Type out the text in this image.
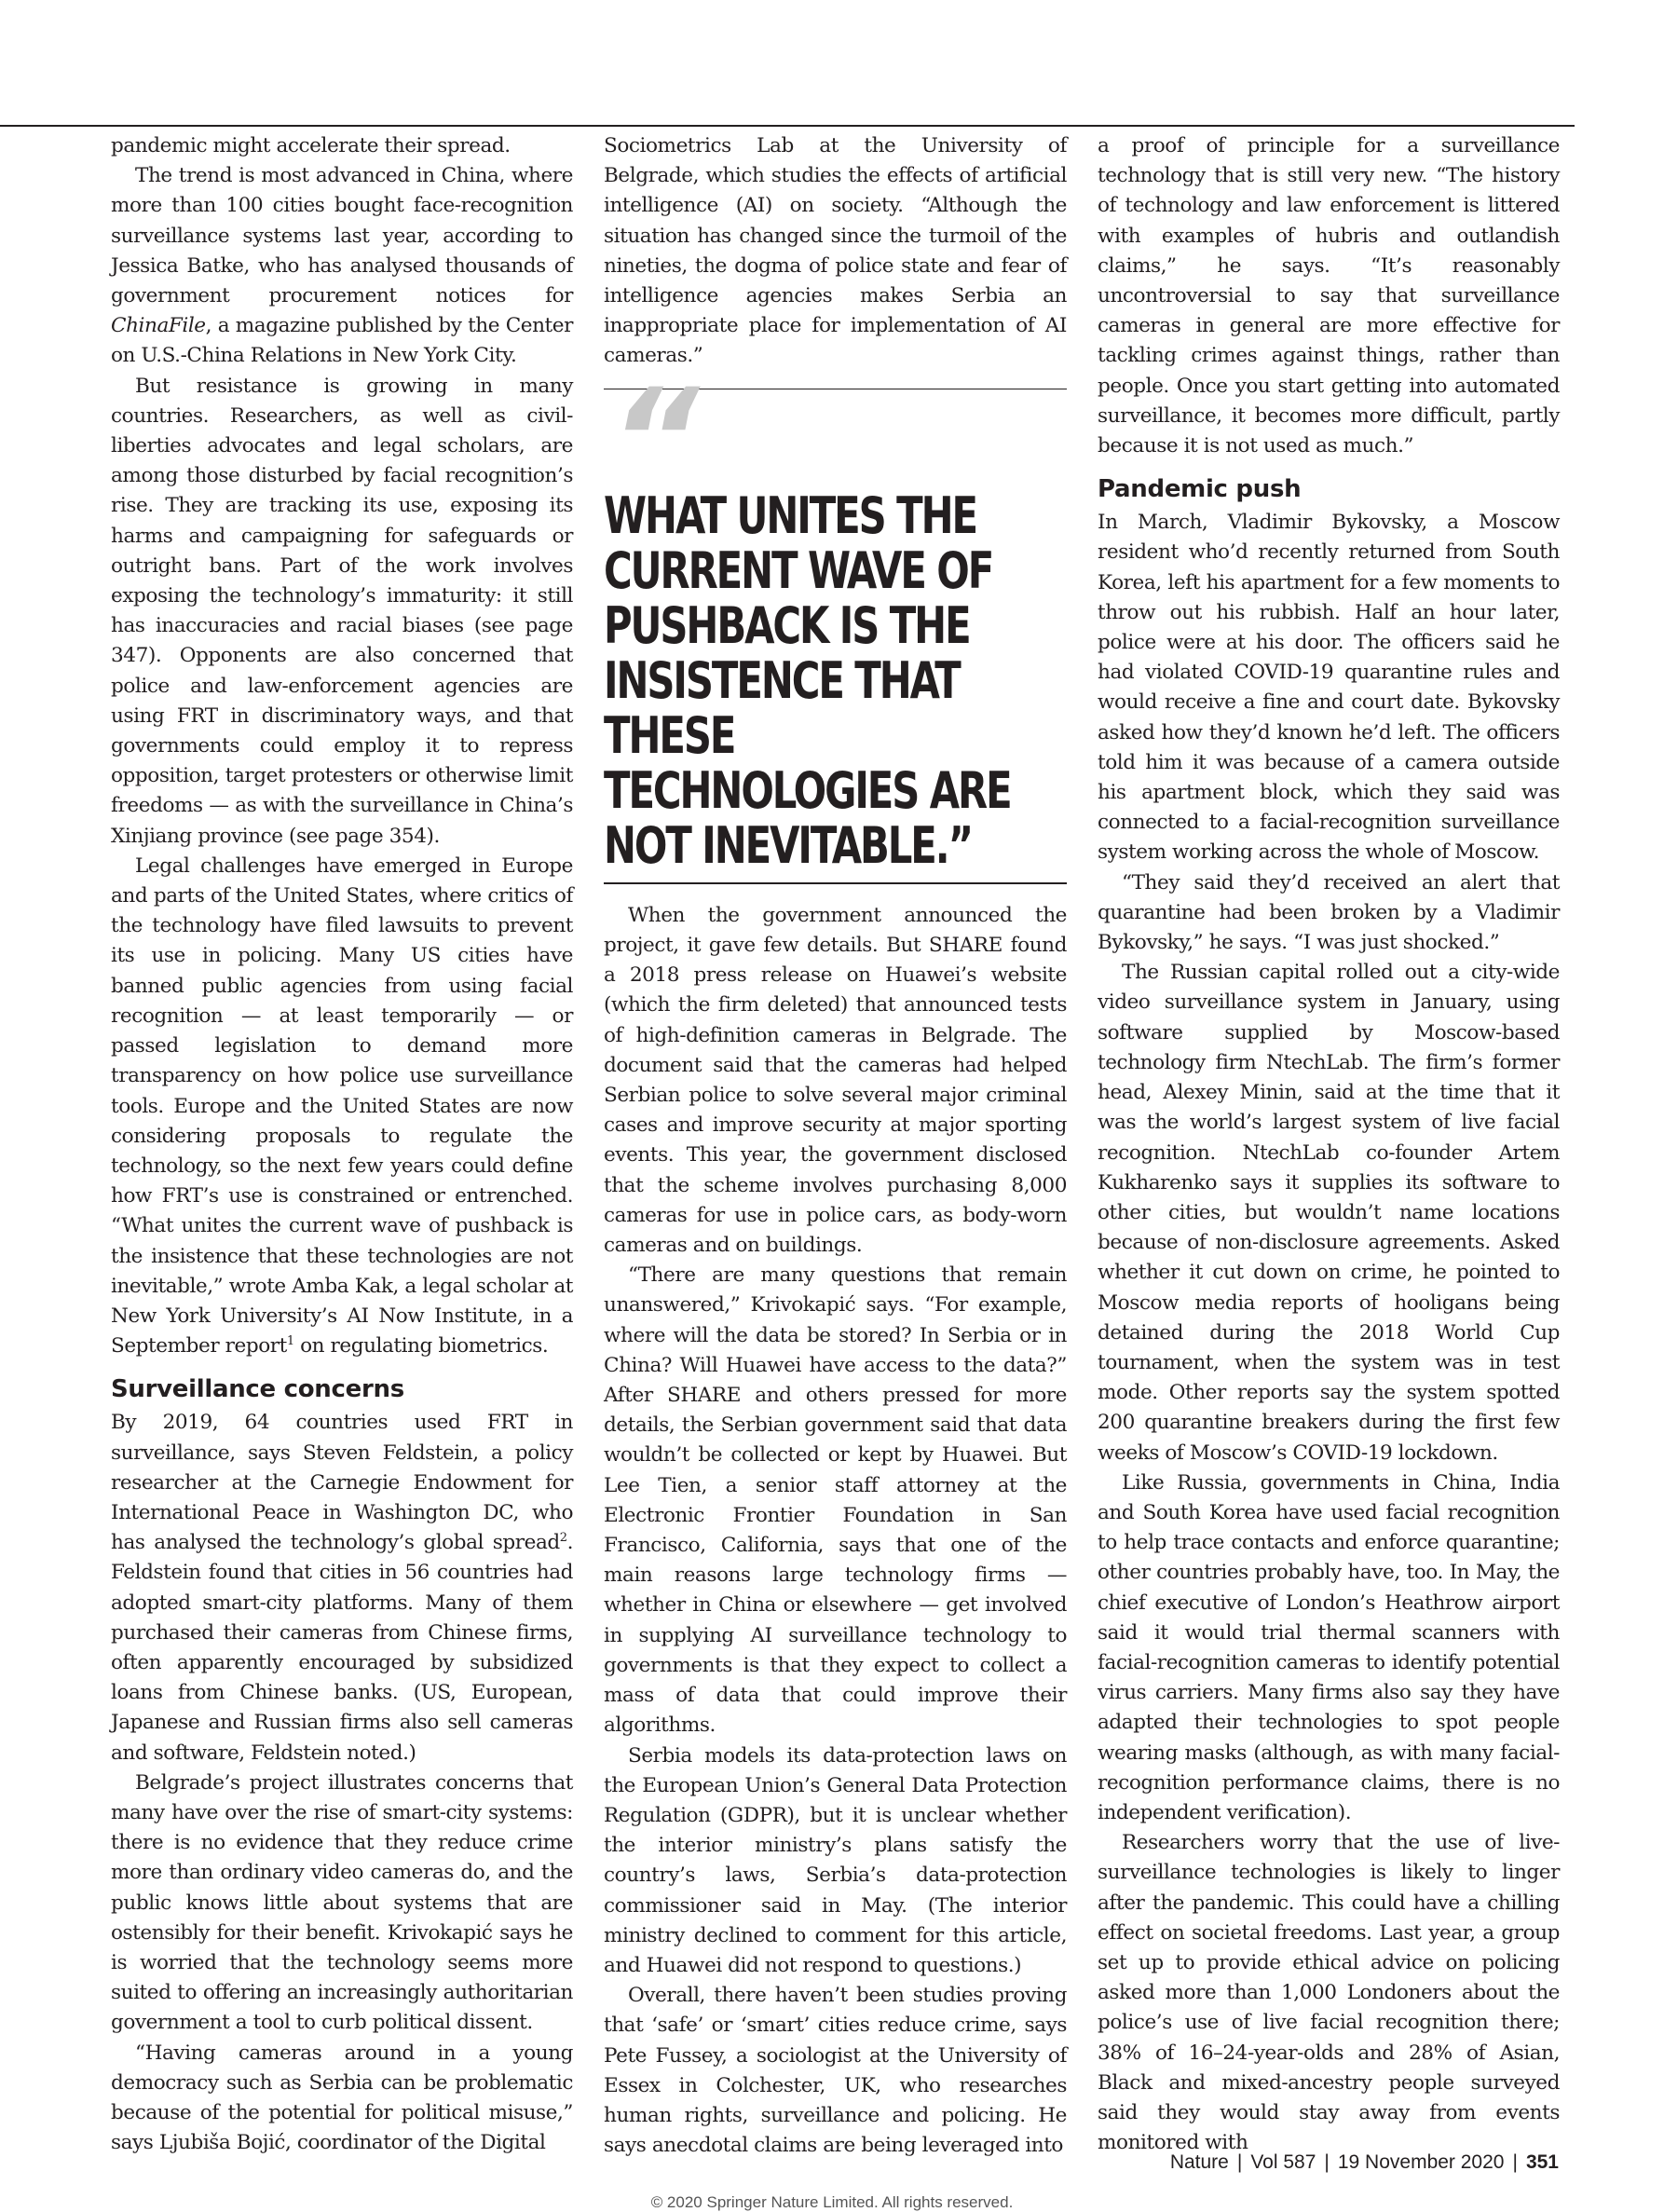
pandemic might accelerate their spread.

The trend is most advanced in China, where more than 100 cities bought face-recognition surveillance systems last year, according to Jessica Batke, who has analysed thousands of government procurement notices for ChinaFile, a magazine published by the Center on U.S.-China Relations in New York City.

But resistance is growing in many countries. Researchers, as well as civil-liberties advocates and legal scholars, are among those disturbed by facial recognition’s rise. They are tracking its use, exposing its harms and campaigning for safeguards or outright bans. Part of the work involves exposing the technology’s immaturity: it still has inaccuracies and racial biases (see page 347). Opponents are also concerned that police and law-enforcement agencies are using FRT in discriminatory ways, and that governments could employ it to repress opposition, target protesters or otherwise limit freedoms — as with the surveillance in China’s Xinjiang province (see page 354).

Legal challenges have emerged in Europe and parts of the United States, where critics of the technology have filed lawsuits to prevent its use in policing. Many US cities have banned public agencies from using facial recognition — at least temporarily — or passed legislation to demand more transparency on how police use surveillance tools. Europe and the United States are now considering proposals to regulate the technology, so the next few years could define how FRT’s use is constrained or entrenched. “What unites the current wave of pushback is the insistence that these technologies are not inevitable,” wrote Amba Kak, a legal scholar at New York University’s AI Now Institute, in a September report$^1$ on regulating biometrics.

Surveillance concerns

By 2019, 64 countries used FRT in surveillance, says Steven Feldstein, a policy researcher at the Carnegie Endowment for International Peace in Washington DC, who has analysed the technology’s global spread$^2$. Feldstein found that cities in 56 countries had adopted smart-city platforms. Many of them purchased their cameras from Chinese firms, often apparently encouraged by subsidized loans from Chinese banks. (US, European, Japanese and Russian firms also sell cameras and software, Feldstein noted.)

Belgrade’s project illustrates concerns that many have over the rise of smart-city systems: there is no evidence that they reduce crime more than ordinary video cameras do, and the public knows little about systems that are ostensibly for their benefit. Krivokapić says he is worried that the technology seems more suited to offering an increasingly authoritarian government a tool to curb political dissent.

“Having cameras around in a young democracy such as Serbia can be problematic because of the potential for political misuse,” says Ljubiša Bojić, coordinator of the Digital

Sociometrics Lab at the University of Belgrade, which studies the effects of artificial intelligence (AI) on society. “Although the situation has changed since the turmoil of the nineties, the dogma of police state and fear of intelligence agencies makes Serbia an inappropriate place for implementation of AI cameras.”

“
WHAT UNITES THE CURRENT WAVE OF PUSHBACK IS THE INSISTENCE THAT THESE TECHNOLOGIES ARE NOT INEVITABLE.”

When the government announced the project, it gave few details. But SHARE found a 2018 press release on Huawei’s website (which the firm deleted) that announced tests of high-definition cameras in Belgrade. The document said that the cameras had helped Serbian police to solve several major criminal cases and improve security at major sporting events. This year, the government disclosed that the scheme involves purchasing 8,000 cameras for use in police cars, as body-worn cameras and on buildings.

“There are many questions that remain unanswered,” Krivokapić says. “For example, where will the data be stored? In Serbia or in China? Will Huawei have access to the data?” After SHARE and others pressed for more details, the Serbian government said that data wouldn’t be collected or kept by Huawei. But Lee Tien, a senior staff attorney at the Electronic Frontier Foundation in San Francisco, California, says that one of the main reasons large technology firms — whether in China or elsewhere — get involved in supplying AI surveillance technology to governments is that they expect to collect a mass of data that could improve their algorithms.

Serbia models its data-protection laws on the European Union’s General Data Protection Regulation (GDPR), but it is unclear whether the interior ministry’s plans satisfy the country’s laws, Serbia’s data-protection commissioner said in May. (The interior ministry declined to comment for this article, and Huawei did not respond to questions.)

Overall, there haven’t been studies proving that ‘safe’ or ‘smart’ cities reduce crime, says Pete Fussey, a sociologist at the University of Essex in Colchester, UK, who researches human rights, surveillance and policing. He says anecdotal claims are being leveraged into

a proof of principle for a surveillance technology that is still very new. “The history of technology and law enforcement is littered with examples of hubris and outlandish claims,” he says. “It’s reasonably uncontroversial to say that surveillance cameras in general are more effective for tackling crimes against things, rather than people. Once you start getting into automated surveillance, it becomes more difficult, partly because it is not used as much.”

Pandemic push

In March, Vladimir Bykovsky, a Moscow resident who’d recently returned from South Korea, left his apartment for a few moments to throw out his rubbish. Half an hour later, police were at his door. The officers said he had violated COVID-19 quarantine rules and would receive a fine and court date. Bykovsky asked how they’d known he’d left. The officers told him it was because of a camera outside his apartment block, which they said was connected to a facial-recognition surveillance system working across the whole of Moscow.

“They said they’d received an alert that quarantine had been broken by a Vladimir Bykovsky,” he says. “I was just shocked.”

The Russian capital rolled out a city-wide video surveillance system in January, using software supplied by Moscow-based technology firm NtechLab. The firm’s former head, Alexey Minin, said at the time that it was the world’s largest system of live facial recognition. NtechLab co-founder Artem Kukharenko says it supplies its software to other cities, but wouldn’t name locations because of non-disclosure agreements. Asked whether it cut down on crime, he pointed to Moscow media reports of hooligans being detained during the 2018 World Cup tournament, when the system was in test mode. Other reports say the system spotted 200 quarantine breakers during the first few weeks of Moscow’s COVID-19 lockdown.

Like Russia, governments in China, India and South Korea have used facial recognition to help trace contacts and enforce quarantine; other countries probably have, too. In May, the chief executive of London’s Heathrow airport said it would trial thermal scanners with facial-recognition cameras to identify potential virus carriers. Many firms also say they have adapted their technologies to spot people wearing masks (although, as with many facial-recognition performance claims, there is no independent verification).

Researchers worry that the use of live-surveillance technologies is likely to linger after the pandemic. This could have a chilling effect on societal freedoms. Last year, a group set up to provide ethical advice on policing asked more than 1,000 Londoners about the police’s use of live facial recognition there; 38% of 16–24-year-olds and 28% of Asian, Black and mixed-ancestry people surveyed said they would stay away from events monitored with

Nature | Vol 587 | 19 November 2020 | 351
© 2020 Springer Nature Limited. All rights reserved.
